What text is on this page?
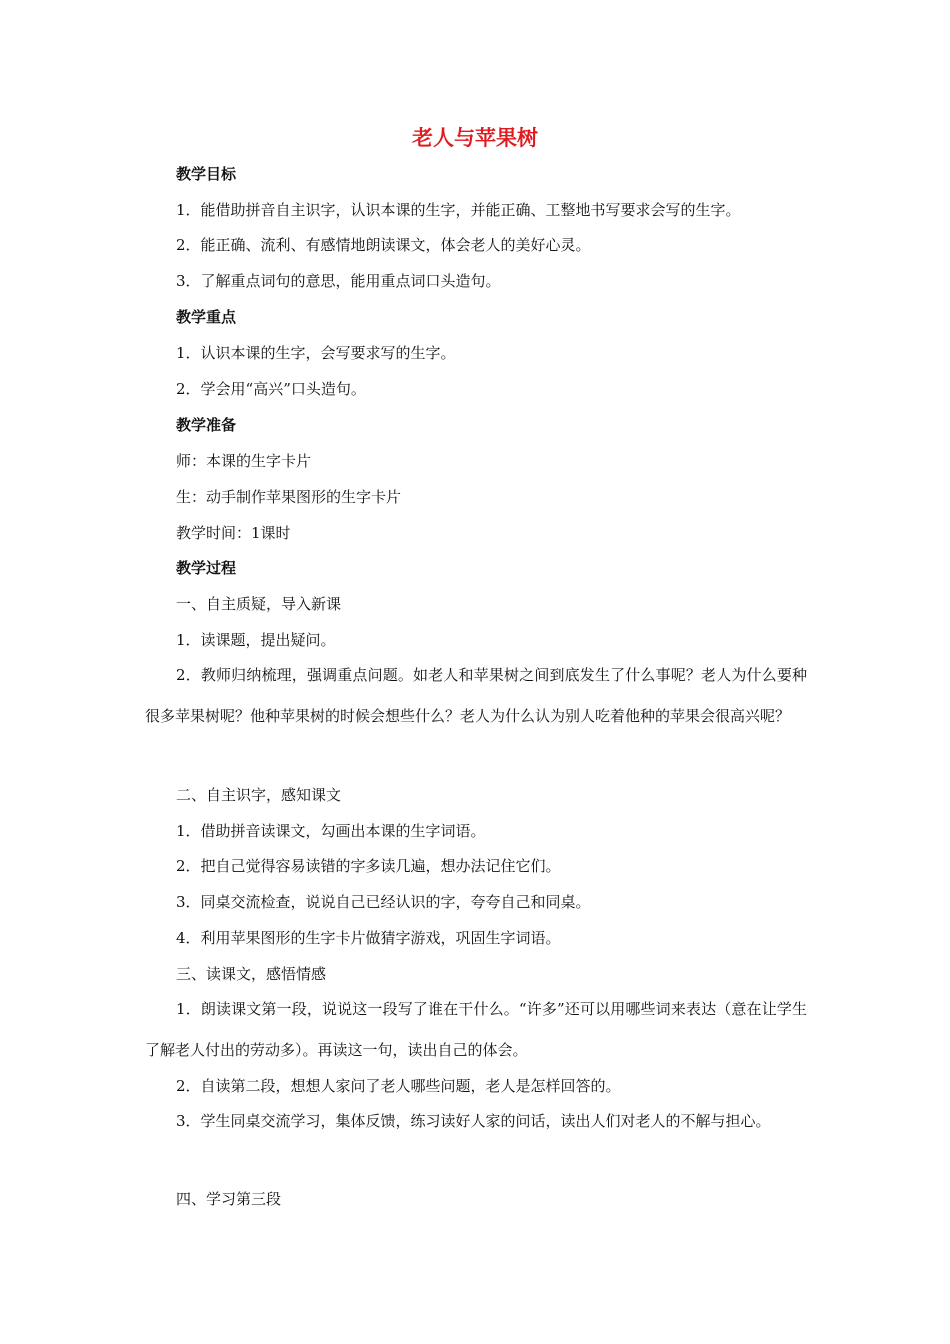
老人与苹果树
教学目标
1．能借助拼音自主识字，认识本课的生字，并能正确、工整地书写要求会写的生字。
2．能正确、流利、有感情地朗读课文，体会老人的美好心灵。
3．了解重点词句的意思，能用重点词口头造句。
教学重点
1．认识本课的生字，会写要求写的生字。
2．学会用“高兴”口头造句。
教学准备
师：本课的生字卡片
生：动手制作苹果图形的生字卡片
教学时间：1课时
教学过程
一、自主质疑，导入新课
1．读课题，提出疑问。
2．教师归纳梳理，强调重点问题。如老人和苹果树之间到底发生了什么事呢？老人为什么要种很多苹果树呢？他种苹果树的时候会想些什么？老人为什么认为别人吃着他种的苹果会很高兴呢？
二、自主识字，感知课文
1．借助拼音读课文，勾画出本课的生字词语。
2．把自己觉得容易读错的字多读几遍，想办法记住它们。
3．同桌交流检查，说说自己已经认识的字，夸夸自己和同桌。
4．利用苹果图形的生字卡片做猜字游戏，巩固生字词语。
三、读课文，感悟情感
1．朗读课文第一段，说说这一段写了谁在干什么。“许多”还可以用哪些词来表达（意在让学生了解老人付出的劳动多）。再读这一句，读出自己的体会。
2．自读第二段，想想人家问了老人哪些问题，老人是怎样回答的。
3．学生同桌交流学习，集体反馈，练习读好人家的问话，读出人们对老人的不解与担心。
四、学习第三段
